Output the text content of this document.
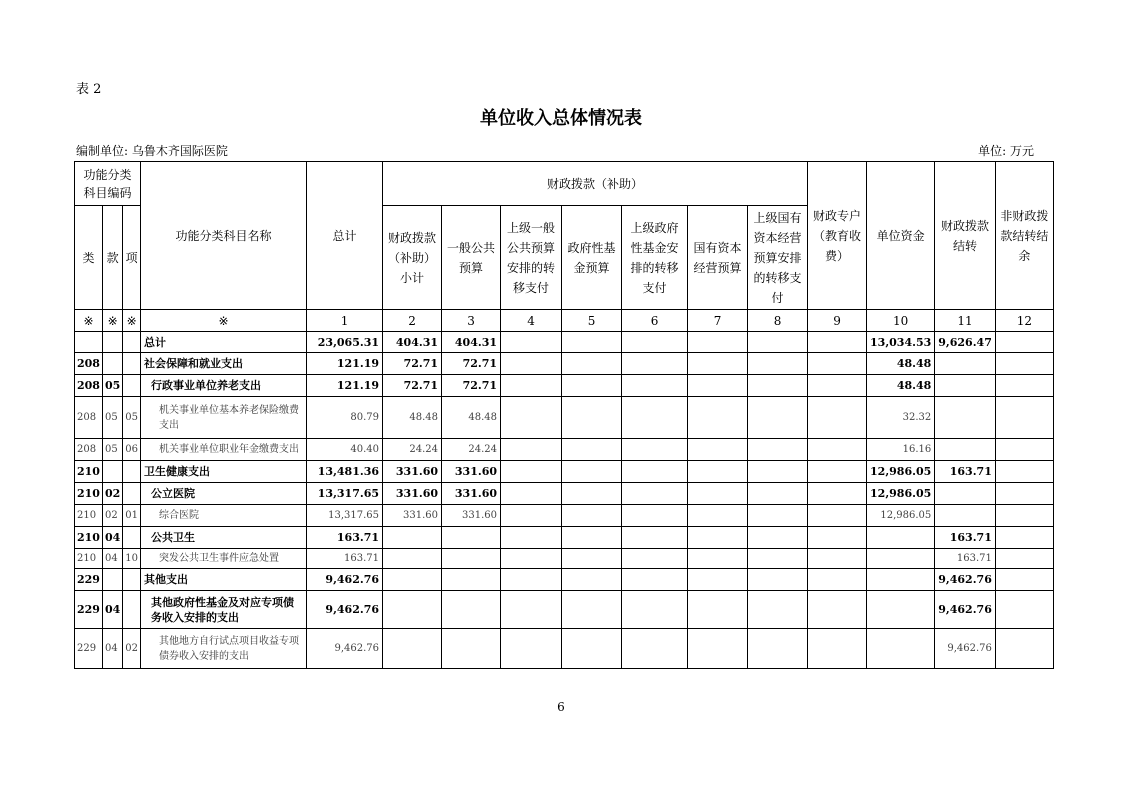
表 2
单位收入总体情况表
编制单位: 乌鲁木齐国际医院	单位: 万元
功能分类科目编码			功能分类科目名称	总计	财政拨款（补助）							财政专户（教育收费）	单位资金	财政拨款结转	非财政拨款结转结余
类	款	项			财政拨款（补助）小计	一般公共预算	上级一般公共预算安排的转移支付	政府性基金预算	上级政府性基金安排的转移支付	国有资本经营预算	上级国有资本经营预算安排的转移支付				
※	※	※	※	1	2	3	4	5	6	7	8	9	10	11	12
			总计	23,065.31	404.31	404.31							13,034.53	9,626.47	
208			社会保障和就业支出	121.19	72.71	72.71							48.48		
208	05		行政事业单位养老支出	121.19	72.71	72.71							48.48		
208	05	05	机关事业单位基本养老保险缴费支出	80.79	48.48	48.48							32.32		
208	05	06	机关事业单位职业年金缴费支出	40.40	24.24	24.24							16.16		
210			卫生健康支出	13,481.36	331.60	331.60							12,986.05	163.71	
210	02		公立医院	13,317.65	331.60	331.60							12,986.05		
210	02	01	综合医院	13,317.65	331.60	331.60							12,986.05		
210	04		公共卫生	163.71										163.71	
210	04	10	突发公共卫生事件应急处置	163.71										163.71	
229			其他支出	9,462.76										9,462.76	
229	04		其他政府性基金及对应专项债务收入安排的支出	9,462.76										9,462.76	
229	04	02	其他地方自行试点项目收益专项债券收入安排的支出	9,462.76										9,462.76	
6
